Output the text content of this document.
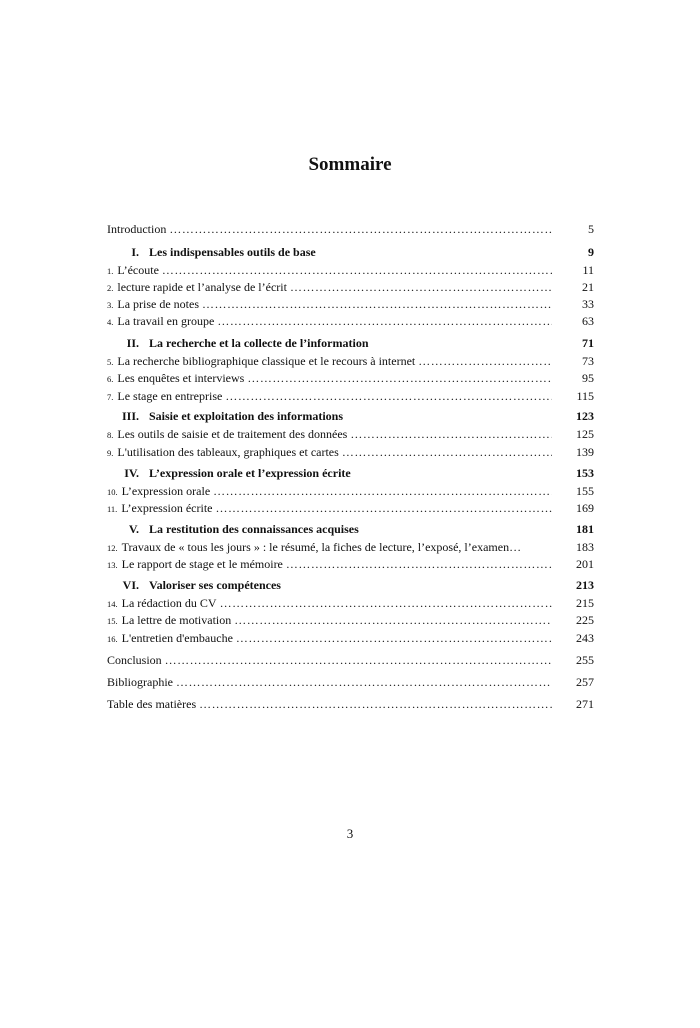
Sommaire
Introduction ………………………………………………………………………………………………………………………………………………………………………	5
I. Les indispensables outils de base	9
1. L’écoute ………………………………………………………………………………………………………………………………………………………………………	11
2. lecture rapide et l’analyse de l’écrit ………………………………………………………………………………………………………………………………………………………………………	21
3. La prise de notes ………………………………………………………………………………………………………………………………………………………………………	33
4. La travail en groupe ………………………………………………………………………………………………………………………………………………………………………	63
II. La recherche et la collecte de l’information	71
5. La recherche bibliographique classique et le recours à internet ………………………………………………………………………………………………………………………………………………………………………	73
6. Les enquêtes et interviews ………………………………………………………………………………………………………………………………………………………………………	95
7. Le stage en entreprise ………………………………………………………………………………………………………………………………………………………………………	115
III. Saisie et exploitation des informations	123
8. Les outils de saisie et de traitement des données ………………………………………………………………………………………………………………………………………………………………………	125
9. L'utilisation des tableaux, graphiques et cartes ………………………………………………………………………………………………………………………………………………………………………	139
IV. L’expression orale et l’expression écrite	153
10. L’expression orale ………………………………………………………………………………………………………………………………………………………………………	155
11. L’expression écrite ………………………………………………………………………………………………………………………………………………………………………	169
V. La restitution des connaissances acquises	181
12. Travaux de « tous les jours » : le résumé, la fiches de lecture, l’exposé, l’examen…	183
13. Le rapport de stage et le mémoire ………………………………………………………………………………………………………………………………………………………………………	201
VI. Valoriser ses compétences	213
14. La rédaction du CV ………………………………………………………………………………………………………………………………………………………………………	215
15. La lettre de motivation ………………………………………………………………………………………………………………………………………………………………………	225
16. L'entretien d'embauche ………………………………………………………………………………………………………………………………………………………………………	243
Conclusion ………………………………………………………………………………………………………………………………………………………………………	255
Bibliographie ………………………………………………………………………………………………………………………………………………………………………	257
Table des matières ………………………………………………………………………………………………………………………………………………………………………	271
3
